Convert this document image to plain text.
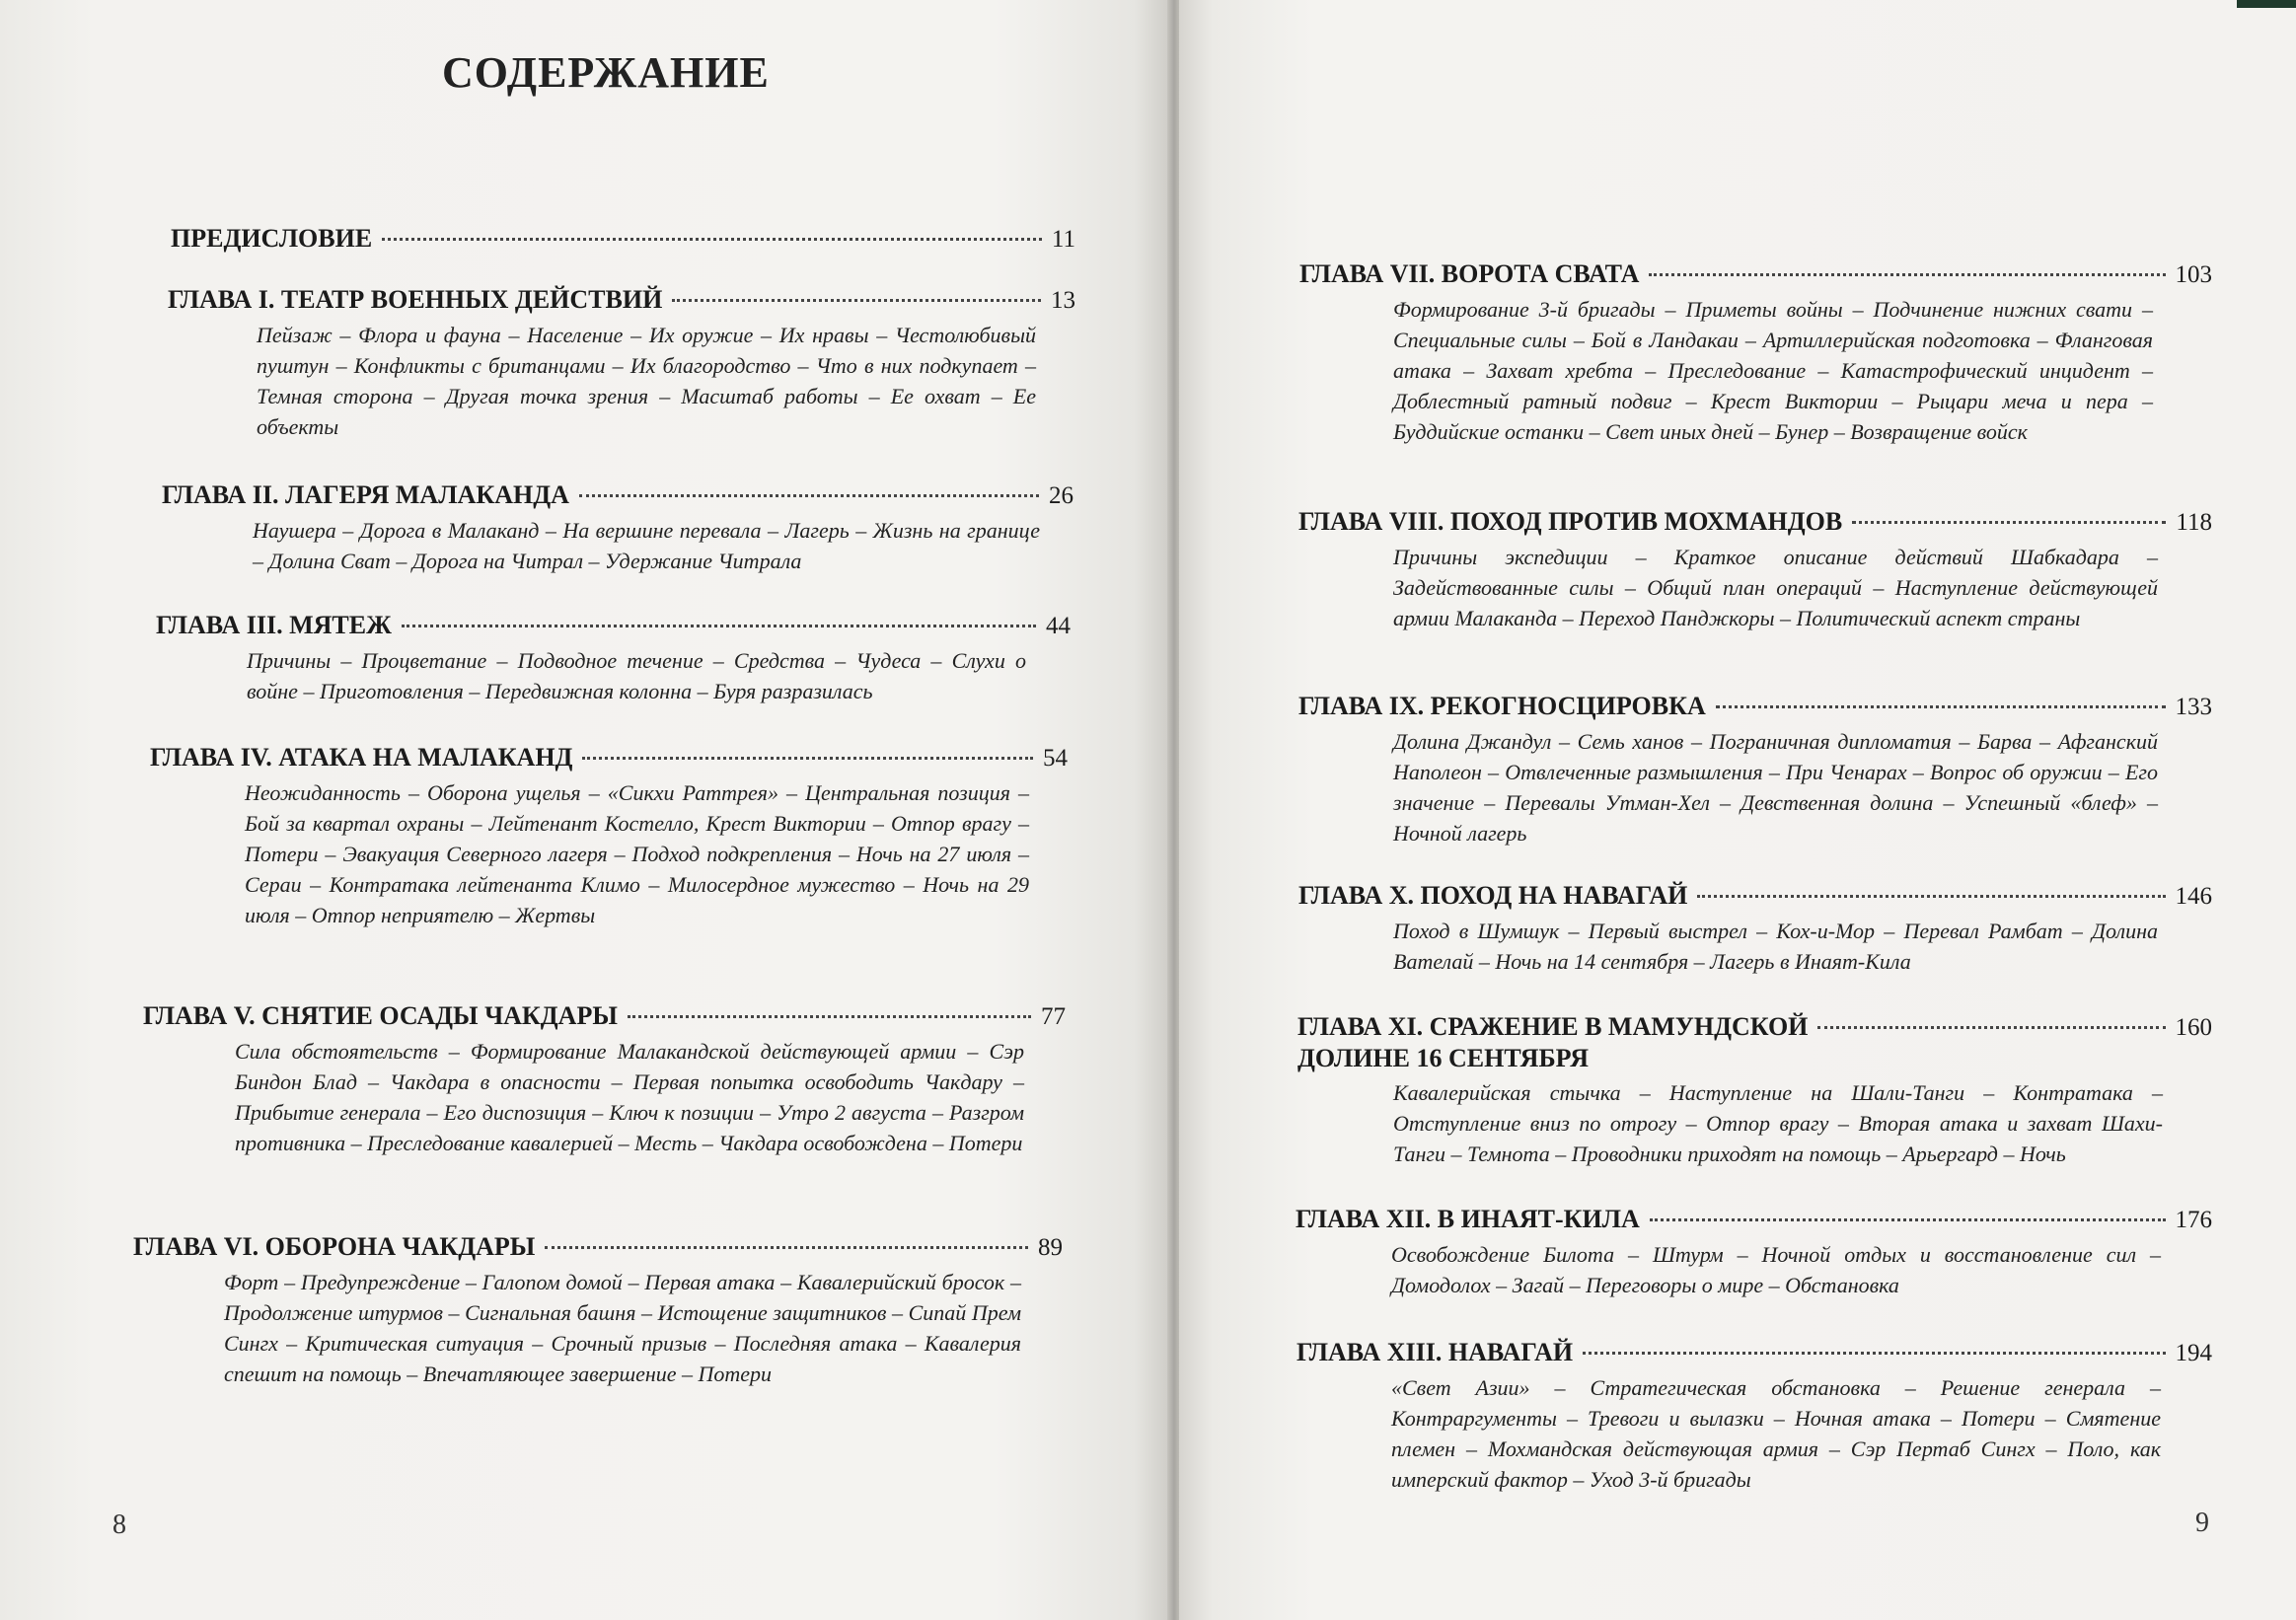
СОДЕРЖАНИЕ
ПРЕДИСЛОВИЕ	11
ГЛАВА I. ТЕАТР ВОЕННЫХ ДЕЙСТВИЙ	13
Пейзаж – Флора и фауна – Население – Их оружие – Их нравы – Честолюбивый пуштун – Конфликты с британцами – Их благородство – Что в них подкупает – Темная сторона – Другая точка зрения – Масштаб работы – Ее охват – Ее объекты
ГЛАВА II. ЛАГЕРЯ МАЛАКАНДА	26
Наушера – Дорога в Малаканд – На вершине перевала – Лагерь – Жизнь на границе – Долина Сват – Дорога на Читрал – Удержание Читрала
ГЛАВА III. МЯТЕЖ	44
Причины – Процветание – Подводное течение – Средства – Чудеса – Слухи о войне – Приготовления – Передвижная колонна – Буря разразилась
ГЛАВА IV. АТАКА НА МАЛАКАНД	54
Неожиданность – Оборона ущелья – «Сикхи Раттрея» – Центральная позиция – Бой за квартал охраны – Лейтенант Костелло, Крест Виктории – Отпор врагу – Потери – Эвакуация Северного лагеря – Подход подкрепления – Ночь на 27 июля – Сераи – Контратака лейтенанта Климо – Милосердное мужество – Ночь на 29 июля – Отпор неприятелю – Жертвы
ГЛАВА V. СНЯТИЕ ОСАДЫ ЧАКДАРЫ	77
Сила обстоятельств – Формирование Малакандской действующей армии – Сэр Биндон Блад – Чакдара в опасности – Первая попытка освободить Чакдару – Прибытие генерала – Его диспозиция – Ключ к позиции – Утро 2 августа – Разгром противника – Преследование кавалерией – Месть – Чакдара освобождена – Потери
ГЛАВА VI. ОБОРОНА ЧАКДАРЫ	89
Форт – Предупреждение – Галопом домой – Первая атака – Кавалерийский бросок – Продолжение штурмов – Сигнальная башня – Истощение защитников – Сипай Прем Сингх – Критическая ситуация – Срочный призыв – Последняя атака – Кавалерия спешит на помощь – Впечатляющее завершение – Потери
8
ГЛАВА VII. ВОРОТА СВАТА	103
Формирование 3-й бригады – Приметы войны – Подчинение нижних свати – Специальные силы – Бой в Ландакаи – Артиллерийская подготовка – Фланговая атака – Захват хребта – Преследование – Катастрофический инцидент – Доблестный ратный подвиг – Крест Виктории – Рыцари меча и пера – Буддийские останки – Свет иных дней – Бунер – Возвращение войск
ГЛАВА VIII. ПОХОД ПРОТИВ МОХМАНДОВ	118
Причины экспедиции – Краткое описание действий Шабкадара – Задействованные силы – Общий план операций – Наступление действующей армии Малаканда – Переход Панджкоры – Политический аспект страны
ГЛАВА IX. РЕКОГНОСЦИРОВКА	133
Долина Джандул – Семь ханов – Пограничная дипломатия – Барва – Афганский Наполеон – Отвлеченные размышления – При Ченарах – Вопрос об оружии – Его значение – Перевалы Утман-Хел – Девственная долина – Успешный «блеф» – Ночной лагерь
ГЛАВА X. ПОХОД НА НАВАГАЙ	146
Поход в Шумшук – Первый выстрел – Кох-и-Мор – Перевал Рамбат – Долина Вателай – Ночь на 14 сентября – Лагерь в Инаят-Кила
ГЛАВА XI. СРАЖЕНИЕ В МАМУНДСКОЙ
ДОЛИНЕ 16 СЕНТЯБРЯ
160
Кавалерийская стычка – Наступление на Шали-Танги – Контратака – Отступление вниз по отрогу – Отпор врагу – Вторая атака и захват Шахи-Танги – Темнота – Проводники приходят на помощь – Арьергард – Ночь
ГЛАВА XII. В ИНАЯТ-КИЛА	176
Освобождение Билота – Штурм – Ночной отдых и восстановление сил – Домодолох – Загай – Переговоры о мире – Обстановка
ГЛАВА XIII. НАВАГАЙ	194
«Свет Азии» – Стратегическая обстановка – Решение генерала – Контраргументы – Тревоги и вылазки – Ночная атака – Потери – Смятение племен – Мохмандская действующая армия – Сэр Пертаб Сингх – Поло, как имперский фактор – Уход 3-й бригады
9
